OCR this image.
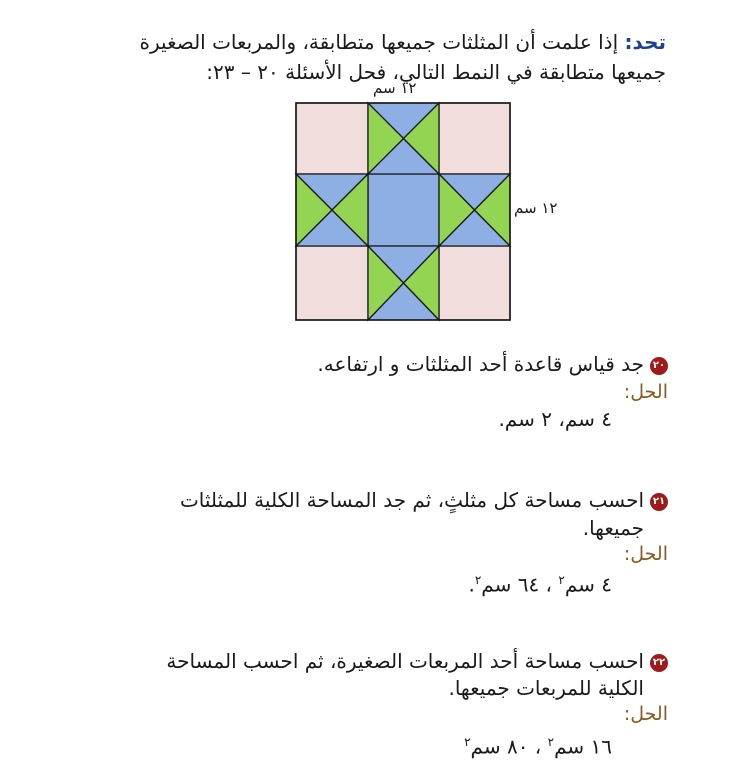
تحد: إذا علمت أن المثلثات جميعها متطابقة، والمربعات الصغيرة
جميعها متطابقة في النمط التالي، فحل الأسئلة ٢٠ – ٢٣:
١٢ سم
١٢ سم
٢٠جد قياس قاعدة أحد المثلثات و ارتفاعه.
الحل:
٤ سم، ٢ سم.
٢١احسب مساحة كل مثلثٍ، ثم جد المساحة الكلية للمثلثات
جميعها.
الحل:
٤ سم$^٢$ ، ٦٤ سم$^٢$.
٢٢احسب مساحة أحد المربعات الصغيرة، ثم احسب المساحة
الكلية للمربعات جميعها.
الحل:
١٦ سم$^٢$ ، ٨٠ سم$^٢$
